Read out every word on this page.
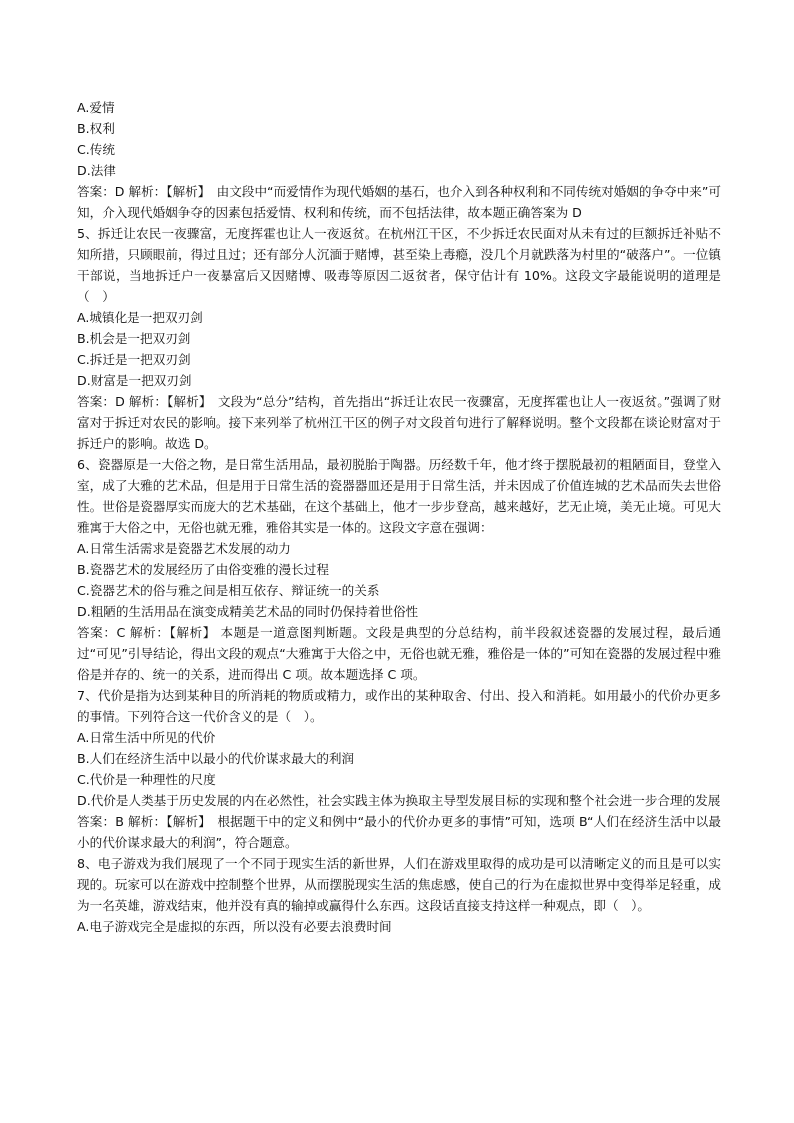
A.爱情

B.权利

C.传统

D.法律

答案：D 解析：【解析】　由文段中“而爱情作为现代婚姻的基石，也介入到各种权利和不同传统对婚姻的争夺中来”可知，介入现代婚姻争夺的因素包括爱情、权利和传统，而不包括法律，故本题正确答案为 D

5、拆迁让农民一夜骤富，无度挥霍也让人一夜返贫。在杭州江干区，不少拆迁农民面对从未有过的巨额拆迁补贴不知所措，只顾眼前，得过且过；还有部分人沉湎于赌博，甚至染上毒瘾，没几个月就跌落为村里的“破落户”。一位镇干部说，当地拆迁户一夜暴富后又因赌博、吸毒等原因二返贫者，保守估计有 10%。这段文字最能说明的道理是（　）

A.城镇化是一把双刃剑

B.机会是一把双刃剑

C.拆迁是一把双刃剑

D.财富是一把双刃剑

答案：D 解析：【解析】　文段为“总分”结构，首先指出“拆迁让农民一夜骤富，无度挥霍也让人一夜返贫。”强调了财富对于拆迁对农民的影响。接下来列举了杭州江干区的例子对文段首句进行了解释说明。整个文段都在谈论财富对于拆迁户的影响。故选 D。

6、瓷器原是一大俗之物，是日常生活用品，最初脱胎于陶器。历经数千年，他才终于摆脱最初的粗陋面目，登堂入室，成了大雅的艺术品，但是用于日常生活的瓷器器皿还是用于日常生活，并未因成了价值连城的艺术品而失去世俗性。世俗是瓷器厚实而庞大的艺术基础，在这个基础上，他才一步步登高，越来越好，艺无止境，美无止境。可见大雅寓于大俗之中，无俗也就无雅，雅俗其实是一体的。这段文字意在强调：

A.日常生活需求是瓷器艺术发展的动力

B.瓷器艺术的发展经历了由俗变雅的漫长过程

C.瓷器艺术的俗与雅之间是相互依存、辩证统一的关系

D.粗陋的生活用品在演变成精美艺术品的同时仍保持着世俗性

答案：C 解析：【解析】 本题是一道意图判断题。文段是典型的分总结构，前半段叙述瓷器的发展过程，最后通过“可见”引导结论，得出文段的观点“大雅寓于大俗之中，无俗也就无雅，雅俗是一体的”可知在瓷器的发展过程中雅俗是并存的、统一的关系，进而得出 C 项。故本题选择 C 项。

7、代价是指为达到某种目的所消耗的物质或精力，或作出的某种取舍、付出、投入和消耗。如用最小的代价办更多的事情。下列符合这一代价含义的是（　）。

A.日常生活中所见的代价

B.人们在经济生活中以最小的代价谋求最大的利润

C.代价是一种理性的尺度

D.代价是人类基于历史发展的内在必然性，社会实践主体为换取主导型发展目标的实现和整个社会进一步合理的发展

答案：B 解析：【解析】　根据题干中的定义和例中“最小的代价办更多的事情”可知，选项 B“人们在经济生活中以最小的代价谋求最大的利润”，符合题意。

8、电子游戏为我们展现了一个不同于现实生活的新世界，人们在游戏里取得的成功是可以清晰定义的而且是可以实现的。玩家可以在游戏中控制整个世界，从而摆脱现实生活的焦虑感，使自己的行为在虚拟世界中变得举足轻重，成为一名英雄，游戏结束，他并没有真的输掉或赢得什么东西。这段话直接支持这样一种观点，即（　）。

A.电子游戏完全是虚拟的东西，所以没有必要去浪费时间
